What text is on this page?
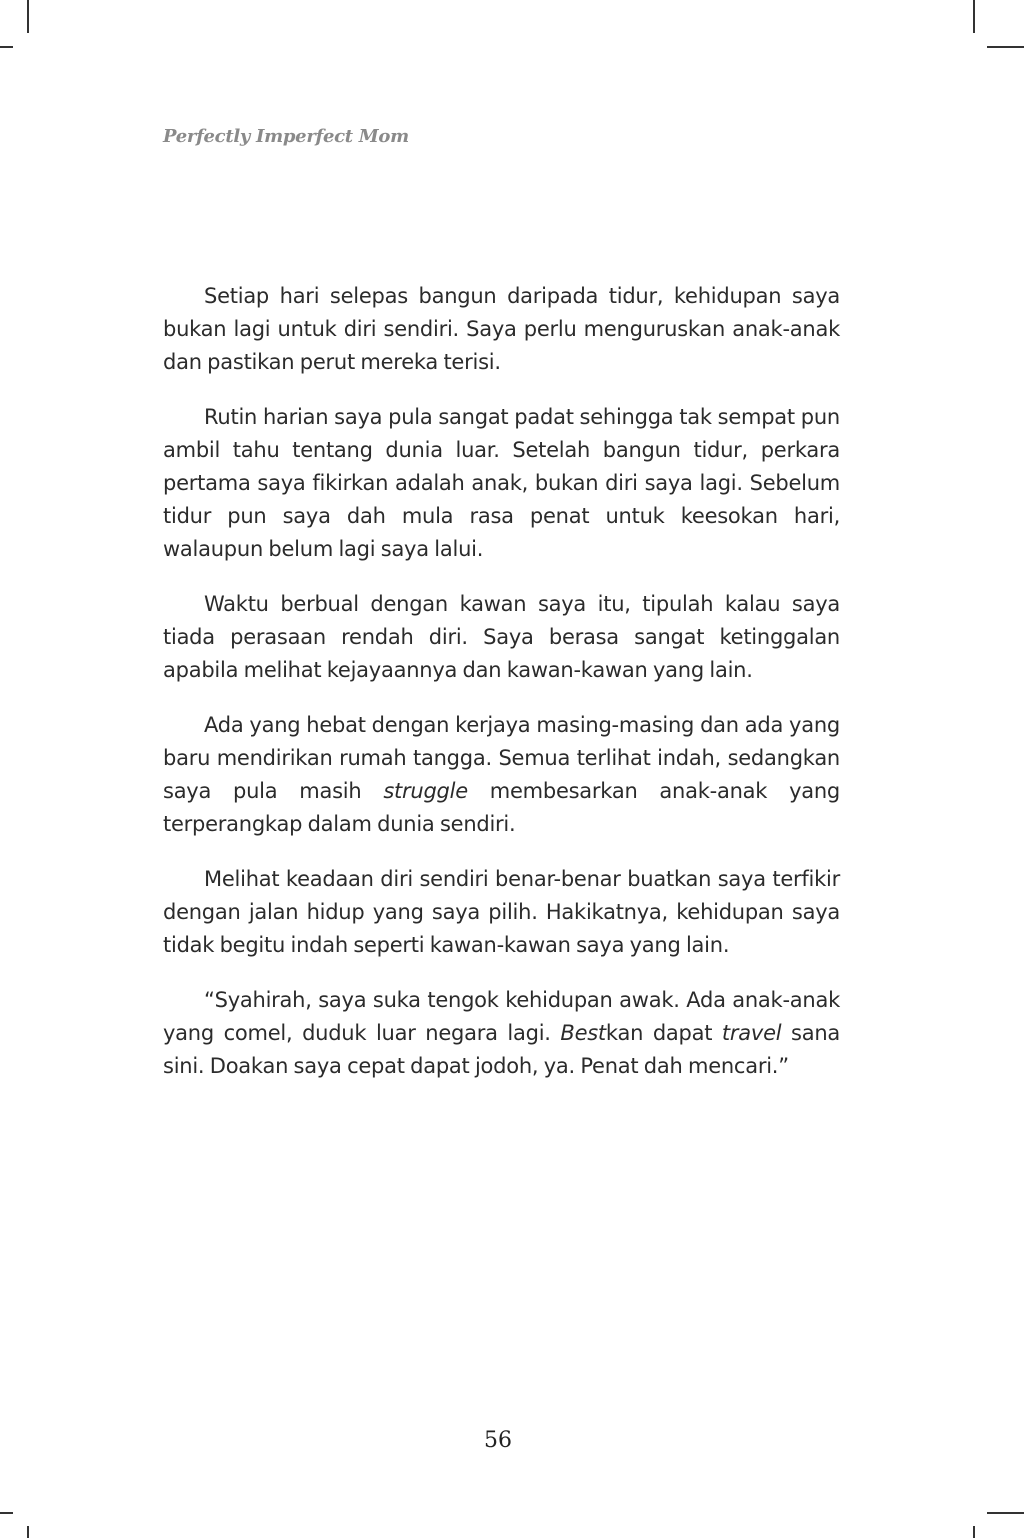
Perfectly Imperfect Mom

Setiap hari selepas bangun daripada tidur, kehidupan saya bukan lagi untuk diri sendiri. Saya perlu menguruskan anak-anak dan pastikan perut mereka terisi.

Rutin harian saya pula sangat padat sehingga tak sempat pun ambil tahu tentang dunia luar. Setelah bangun tidur, perkara pertama saya fikirkan adalah anak, bukan diri saya lagi. Sebelum tidur pun saya dah mula rasa penat untuk keesokan hari, walaupun belum lagi saya lalui.

Waktu berbual dengan kawan saya itu, tipulah kalau saya tiada perasaan rendah diri. Saya berasa sangat ketinggalan apabila melihat kejayaannya dan kawan-kawan yang lain.

Ada yang hebat dengan kerjaya masing-masing dan ada yang baru mendirikan rumah tangga. Semua terlihat indah, sedangkan saya pula masih struggle membesarkan anak-anak yang terperangkap dalam dunia sendiri.

Melihat keadaan diri sendiri benar-benar buatkan saya terfikir dengan jalan hidup yang saya pilih. Hakikatnya, kehidupan saya tidak begitu indah seperti kawan-kawan saya yang lain.

“Syahirah, saya suka tengok kehidupan awak. Ada anak-anak yang comel, duduk luar negara lagi. Bestkan dapat travel sana sini. Doakan saya cepat dapat jodoh, ya. Penat dah mencari.”

56
